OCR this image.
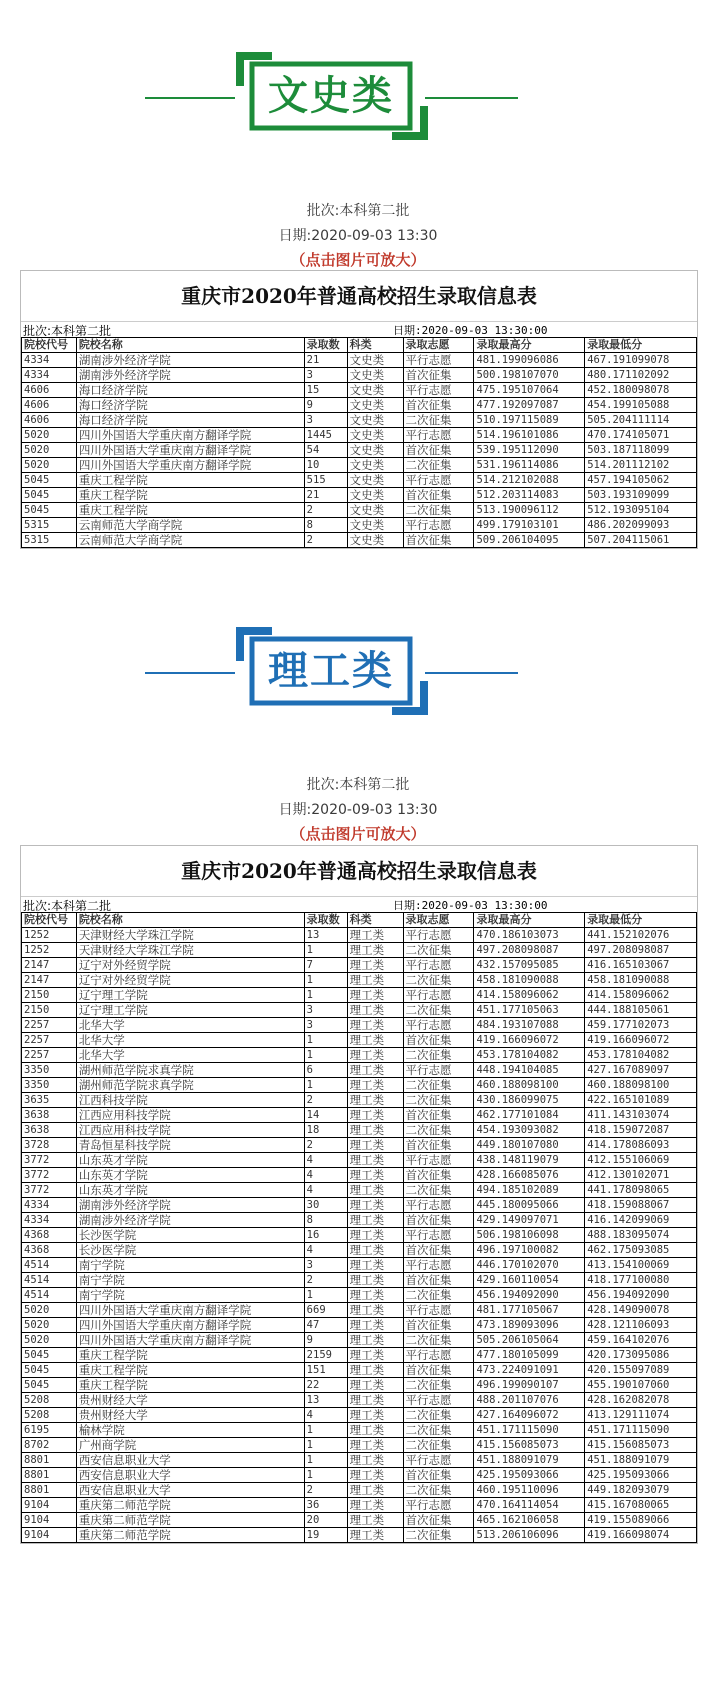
文史类
批次:本科第二批
日期:2020-09-03 13:30
（点击图片可放大）
重庆市2020年普通高校招生录取信息表
批次:本科第二批	日期:2020-09-03 13:30:00
院校代号	院校名称	录取数	科类	录取志愿	录取最高分	录取最低分
4334	湖南涉外经济学院	21	文史类	平行志愿	481.199096086	467.191099078
4334	湖南涉外经济学院	3	文史类	首次征集	500.198107070	480.171102092
4606	海口经济学院	15	文史类	平行志愿	475.195107064	452.180098078
4606	海口经济学院	9	文史类	首次征集	477.192097087	454.199105088
4606	海口经济学院	3	文史类	二次征集	510.197115089	505.204111114
5020	四川外国语大学重庆南方翻译学院	1445	文史类	平行志愿	514.196101086	470.174105071
5020	四川外国语大学重庆南方翻译学院	54	文史类	首次征集	539.195112090	503.187118099
5020	四川外国语大学重庆南方翻译学院	10	文史类	二次征集	531.196114086	514.201112102
5045	重庆工程学院	515	文史类	平行志愿	514.212102088	457.194105062
5045	重庆工程学院	21	文史类	首次征集	512.203114083	503.193109099
5045	重庆工程学院	2	文史类	二次征集	513.190096112	512.193095104
5315	云南师范大学商学院	8	文史类	平行志愿	499.179103101	486.202099093
5315	云南师范大学商学院	2	文史类	首次征集	509.206104095	507.204115061
理工类
批次:本科第二批
日期:2020-09-03 13:30
（点击图片可放大）
重庆市2020年普通高校招生录取信息表
批次:本科第二批	日期:2020-09-03 13:30:00
院校代号	院校名称	录取数	科类	录取志愿	录取最高分	录取最低分
1252	天津财经大学珠江学院	13	理工类	平行志愿	470.186103073	441.152102076
1252	天津财经大学珠江学院	1	理工类	二次征集	497.208098087	497.208098087
2147	辽宁对外经贸学院	7	理工类	平行志愿	432.157095085	416.165103067
2147	辽宁对外经贸学院	1	理工类	二次征集	458.181090088	458.181090088
2150	辽宁理工学院	1	理工类	平行志愿	414.158096062	414.158096062
2150	辽宁理工学院	3	理工类	二次征集	451.177105063	444.188105061
2257	北华大学	3	理工类	平行志愿	484.193107088	459.177102073
2257	北华大学	1	理工类	首次征集	419.166096072	419.166096072
2257	北华大学	1	理工类	二次征集	453.178104082	453.178104082
3350	湖州师范学院求真学院	6	理工类	平行志愿	448.194104085	427.167089097
3350	湖州师范学院求真学院	1	理工类	二次征集	460.188098100	460.188098100
3635	江西科技学院	2	理工类	二次征集	430.186099075	422.165101089
3638	江西应用科技学院	14	理工类	首次征集	462.177101084	411.143103074
3638	江西应用科技学院	18	理工类	二次征集	454.193093082	418.159072087
3728	青岛恒星科技学院	2	理工类	首次征集	449.180107080	414.178086093
3772	山东英才学院	4	理工类	平行志愿	438.148119079	412.155106069
3772	山东英才学院	4	理工类	首次征集	428.166085076	412.130102071
3772	山东英才学院	4	理工类	二次征集	494.185102089	441.178098065
4334	湖南涉外经济学院	30	理工类	平行志愿	445.180095066	418.159088067
4334	湖南涉外经济学院	8	理工类	首次征集	429.149097071	416.142099069
4368	长沙医学院	16	理工类	平行志愿	506.198106098	488.183095074
4368	长沙医学院	4	理工类	首次征集	496.197100082	462.175093085
4514	南宁学院	3	理工类	平行志愿	446.170102070	413.154100069
4514	南宁学院	2	理工类	首次征集	429.160110054	418.177100080
4514	南宁学院	1	理工类	二次征集	456.194092090	456.194092090
5020	四川外国语大学重庆南方翻译学院	669	理工类	平行志愿	481.177105067	428.149090078
5020	四川外国语大学重庆南方翻译学院	47	理工类	首次征集	473.189093096	428.121106093
5020	四川外国语大学重庆南方翻译学院	9	理工类	二次征集	505.206105064	459.164102076
5045	重庆工程学院	2159	理工类	平行志愿	477.180105099	420.173095086
5045	重庆工程学院	151	理工类	首次征集	473.224091091	420.155097089
5045	重庆工程学院	22	理工类	二次征集	496.199090107	455.190107060
5208	贵州财经大学	13	理工类	平行志愿	488.201107076	428.162082078
5208	贵州财经大学	4	理工类	二次征集	427.164096072	413.129111074
6195	榆林学院	1	理工类	二次征集	451.171115090	451.171115090
8702	广州商学院	1	理工类	二次征集	415.156085073	415.156085073
8801	西安信息职业大学	1	理工类	平行志愿	451.188091079	451.188091079
8801	西安信息职业大学	1	理工类	首次征集	425.195093066	425.195093066
8801	西安信息职业大学	2	理工类	二次征集	460.195110096	449.182093079
9104	重庆第二师范学院	36	理工类	平行志愿	470.164114054	415.167080065
9104	重庆第二师范学院	20	理工类	首次征集	465.162106058	419.155089066
9104	重庆第二师范学院	19	理工类	二次征集	513.206106096	419.166098074
